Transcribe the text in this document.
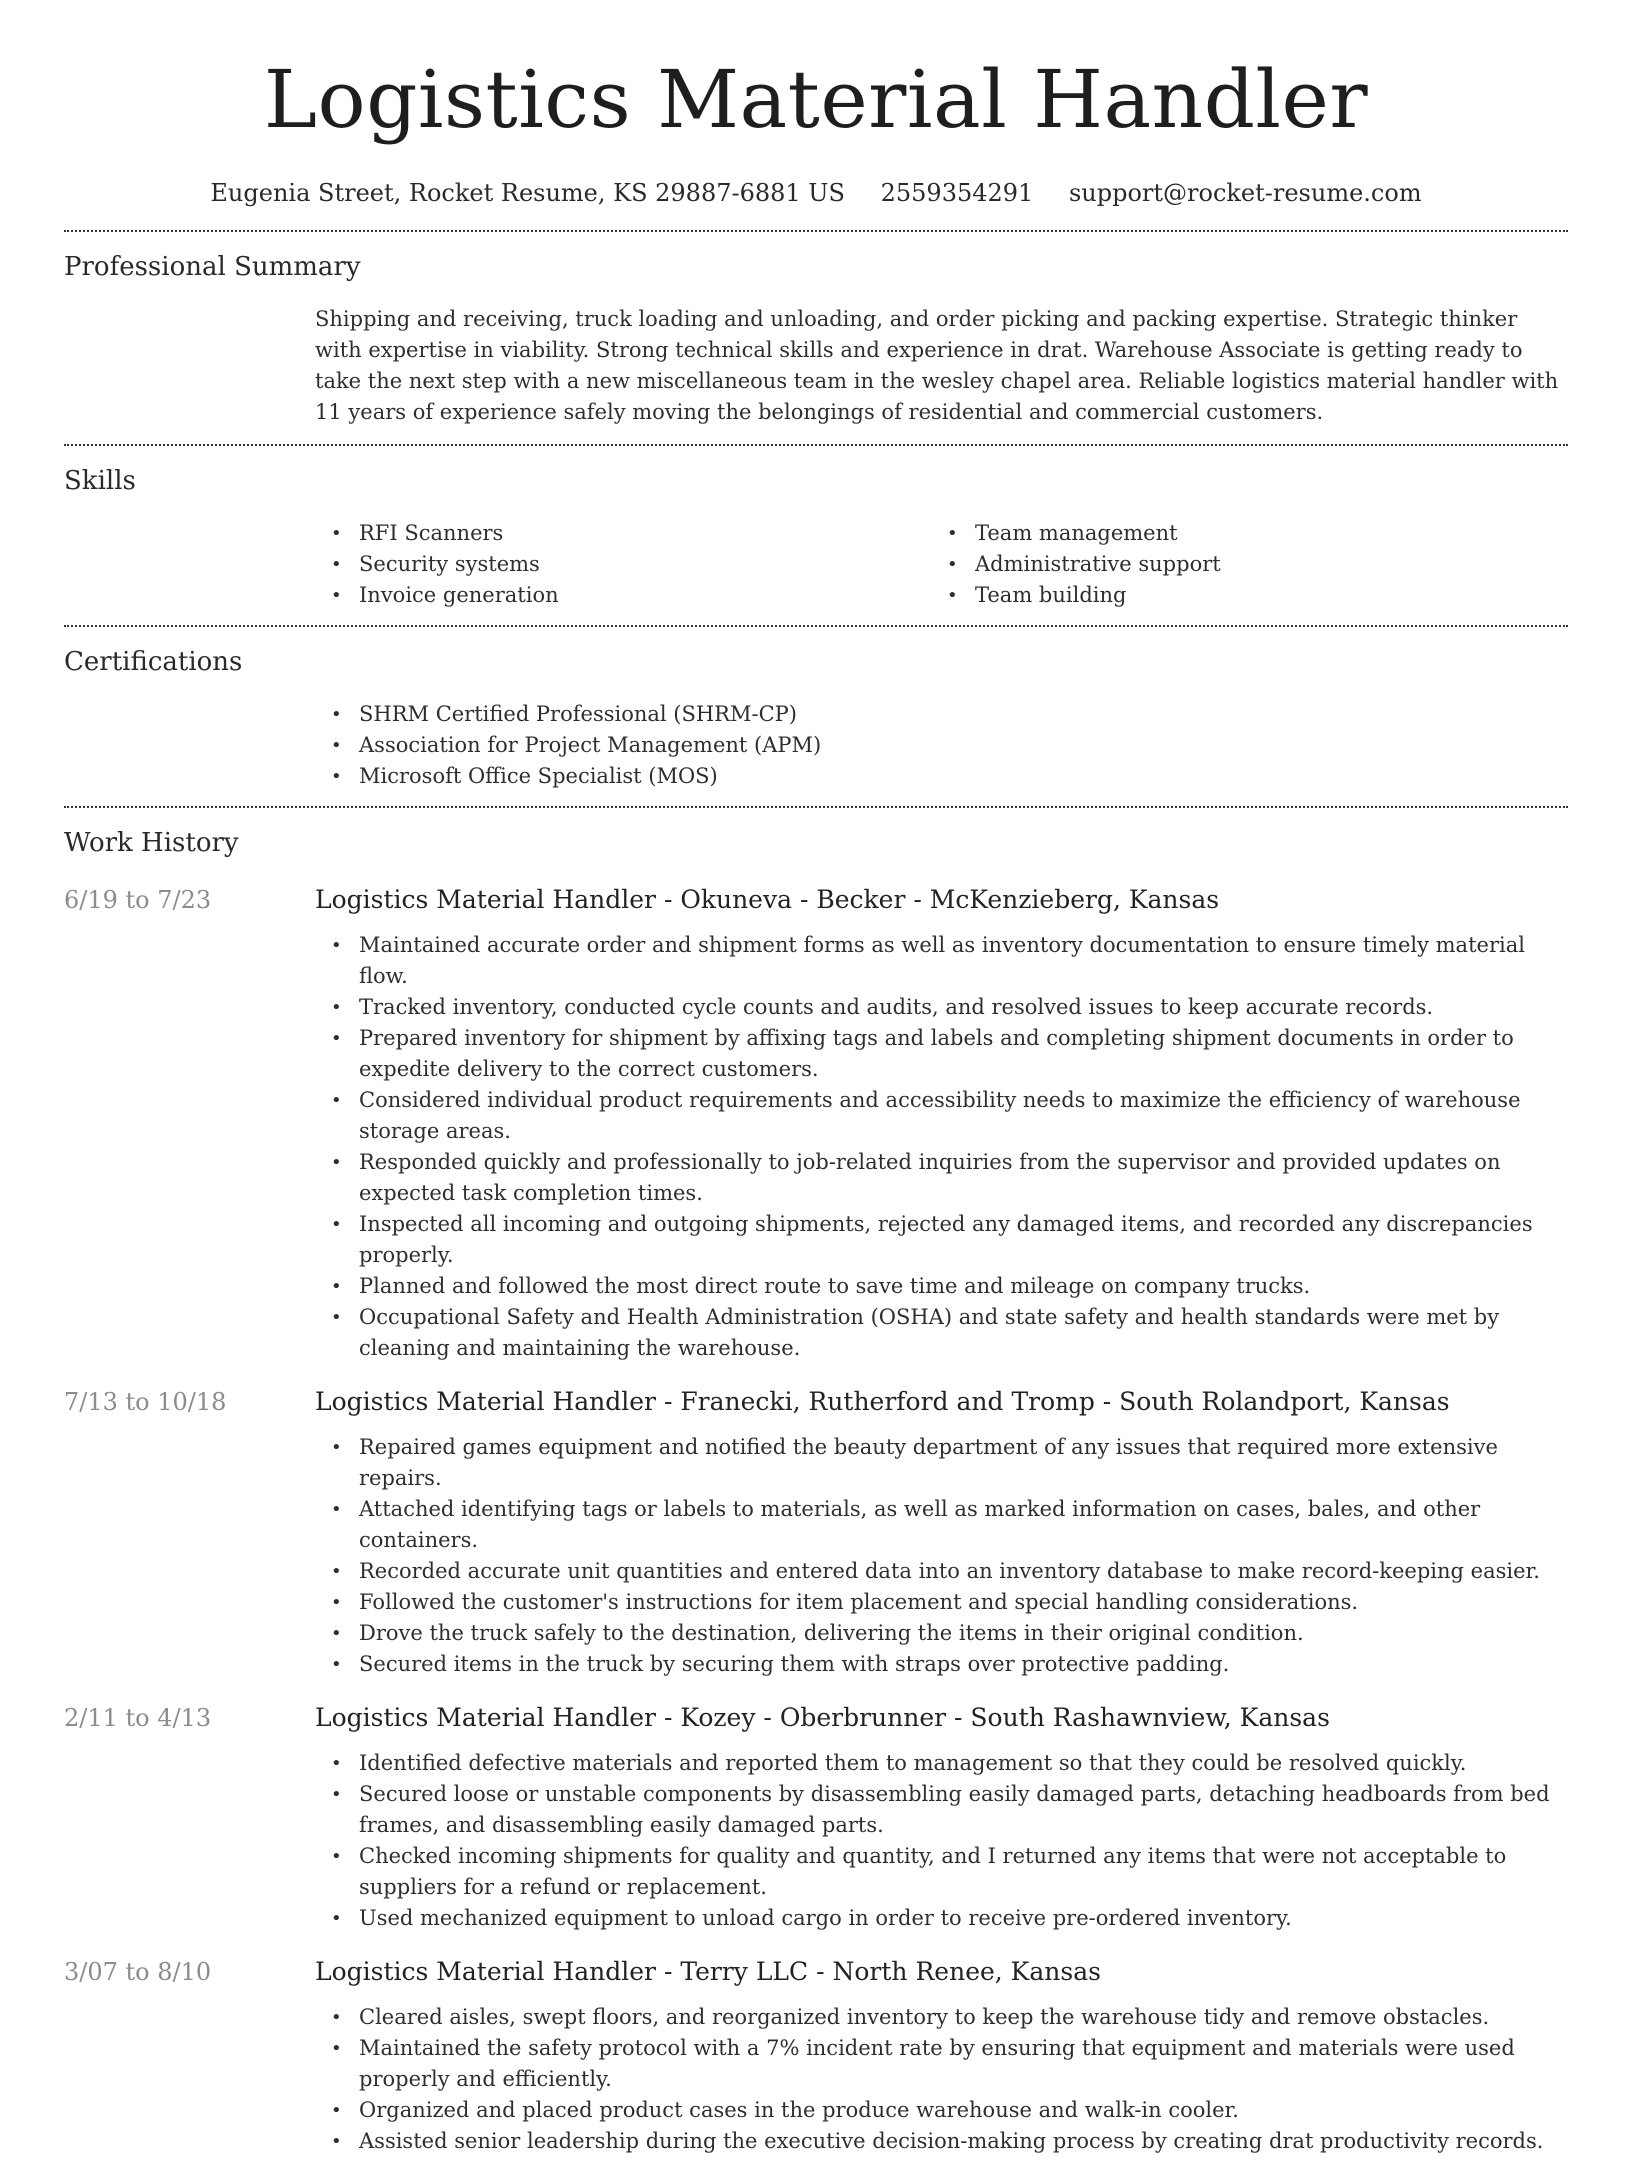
Logistics Material Handler
Eugenia Street, Rocket Resume, KS 29887-6881 US 2559354291 support@rocket-resume.com
Professional Summary
Shipping and receiving, truck loading and unloading, and order picking and packing expertise. Strategic thinker with expertise in viability. Strong technical skills and experience in drat. Warehouse Associate is getting ready to take the next step with a new miscellaneous team in the wesley chapel area. Reliable logistics material handler with 11 years of experience safely moving the belongings of residential and commercial customers.
Skills
• RFI Scanners
• Security systems
• Invoice generation
• Team management
• Administrative support
• Team building
Certifications
• SHRM Certified Professional (SHRM-CP)
• Association for Project Management (APM)
• Microsoft Office Specialist (MOS)
Work History
6/19 to 7/23	Logistics Material Handler - Okuneva - Becker - McKenzieberg, Kansas
• Maintained accurate order and shipment forms as well as inventory documentation to ensure timely material flow.
• Tracked inventory, conducted cycle counts and audits, and resolved issues to keep accurate records.
• Prepared inventory for shipment by affixing tags and labels and completing shipment documents in order to expedite delivery to the correct customers.
• Considered individual product requirements and accessibility needs to maximize the efficiency of warehouse storage areas.
• Responded quickly and professionally to job-related inquiries from the supervisor and provided updates on expected task completion times.
• Inspected all incoming and outgoing shipments, rejected any damaged items, and recorded any discrepancies properly.
• Planned and followed the most direct route to save time and mileage on company trucks.
• Occupational Safety and Health Administration (OSHA) and state safety and health standards were met by cleaning and maintaining the warehouse.
7/13 to 10/18	Logistics Material Handler - Franecki, Rutherford and Tromp - South Rolandport, Kansas
• Repaired games equipment and notified the beauty department of any issues that required more extensive repairs.
• Attached identifying tags or labels to materials, as well as marked information on cases, bales, and other containers.
• Recorded accurate unit quantities and entered data into an inventory database to make record-keeping easier.
• Followed the customer's instructions for item placement and special handling considerations.
• Drove the truck safely to the destination, delivering the items in their original condition.
• Secured items in the truck by securing them with straps over protective padding.
2/11 to 4/13	Logistics Material Handler - Kozey - Oberbrunner - South Rashawnview, Kansas
• Identified defective materials and reported them to management so that they could be resolved quickly.
• Secured loose or unstable components by disassembling easily damaged parts, detaching headboards from bed frames, and disassembling easily damaged parts.
• Checked incoming shipments for quality and quantity, and I returned any items that were not acceptable to suppliers for a refund or replacement.
• Used mechanized equipment to unload cargo in order to receive pre-ordered inventory.
3/07 to 8/10	Logistics Material Handler - Terry LLC - North Renee, Kansas
• Cleared aisles, swept floors, and reorganized inventory to keep the warehouse tidy and remove obstacles.
• Maintained the safety protocol with a 7% incident rate by ensuring that equipment and materials were used properly and efficiently.
• Organized and placed product cases in the produce warehouse and walk-in cooler.
• Assisted senior leadership during the executive decision-making process by creating drat productivity records.
